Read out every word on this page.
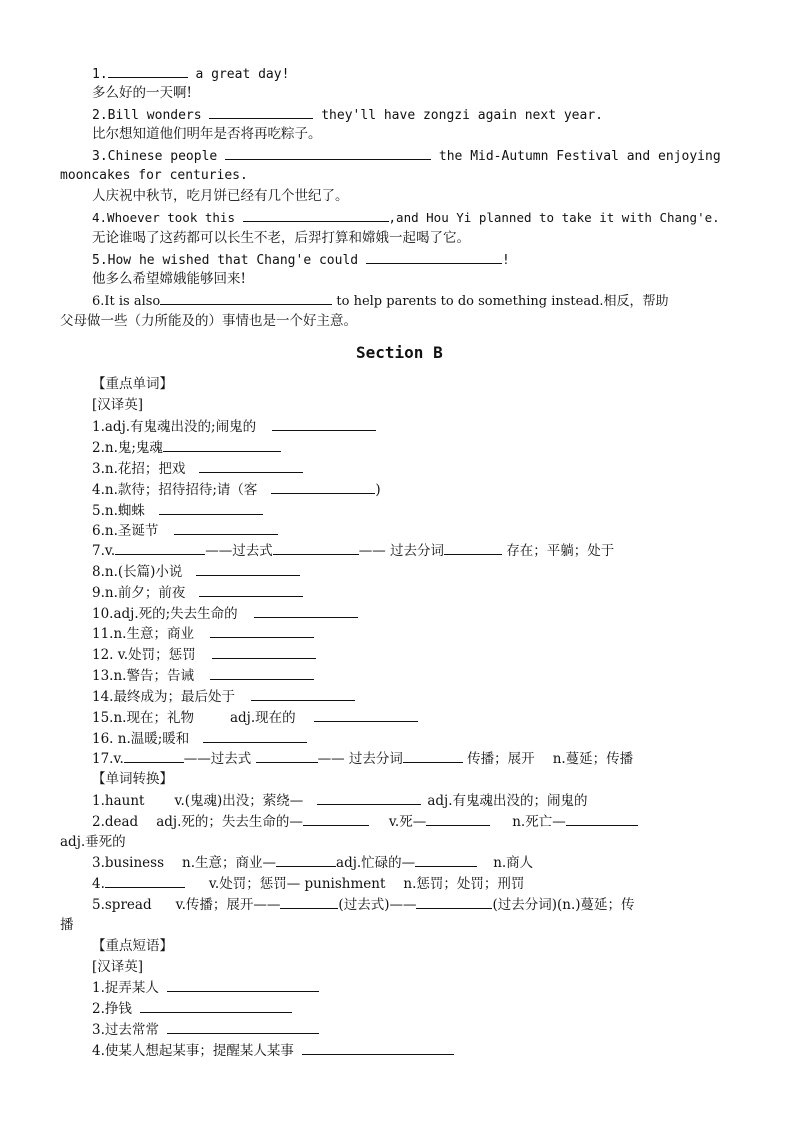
1.	a great day!
多么好的一天啊!
2.Bill wonders	they'll have zongzi again next year.
比尔想知道他们明年是否将再吃粽子。
3.Chinese people	the Mid-Autumn Festival and enjoying
mooncakes for centuries.
人庆祝中秋节，吃月饼已经有几个世纪了。
4.Whoever took this	,and Hou Yi planned to take it with Chang'e.
无论谁喝了这药都可以长生不老，后羿打算和嫦娥一起喝了它。
5.How he wished that Chang'e could	!
他多么希望嫦娥能够回来!
6.It is also	to help parents to do something instead.相反，帮助
父母做一些（力所能及的）事情也是一个好主意。
Section B
【重点单词】
[汉译英]
1.adj.有鬼魂出没的;闹鬼的
2.n.鬼;鬼魂
3.n.花招；把戏
4.n.款待；招待招待;请（客	)
5.n.蜘蛛
6.n.圣诞节
7.v.	——过去式	—— 过去分词	存在；平躺；处于
8.n.(长篇)小说
9.n.前夕；前夜
10.adj.死的;失去生命的
11.n.生意；商业
12. v.处罚；惩罚
13.n.警告；告诫
14.最终成为；最后处于
15.n.现在；礼物	adj.现在的
16. n.温暖;暖和
17.v.	——过去式	—— 过去分词	传播；展开 n.蔓延；传播
【单词转换】
1.haunt v.(鬼魂)出没；萦绕—	adj.有鬼魂出没的；闹鬼的
2.dead adj.死的；失去生命的—	v.死—	n.死亡—
adj.垂死的
3.business n.生意；商业—	adj.忙碌的—	n.商人
4.	v.处罚；惩罚— punishment n.惩罚；处罚；刑罚
5.spread v.传播；展开——	(过去式)——	(过去分词)(n.)蔓延；传
播
【重点短语】
[汉译英]
1.捉弄某人
2.挣钱
3.过去常常
4.使某人想起某事；提醒某人某事
